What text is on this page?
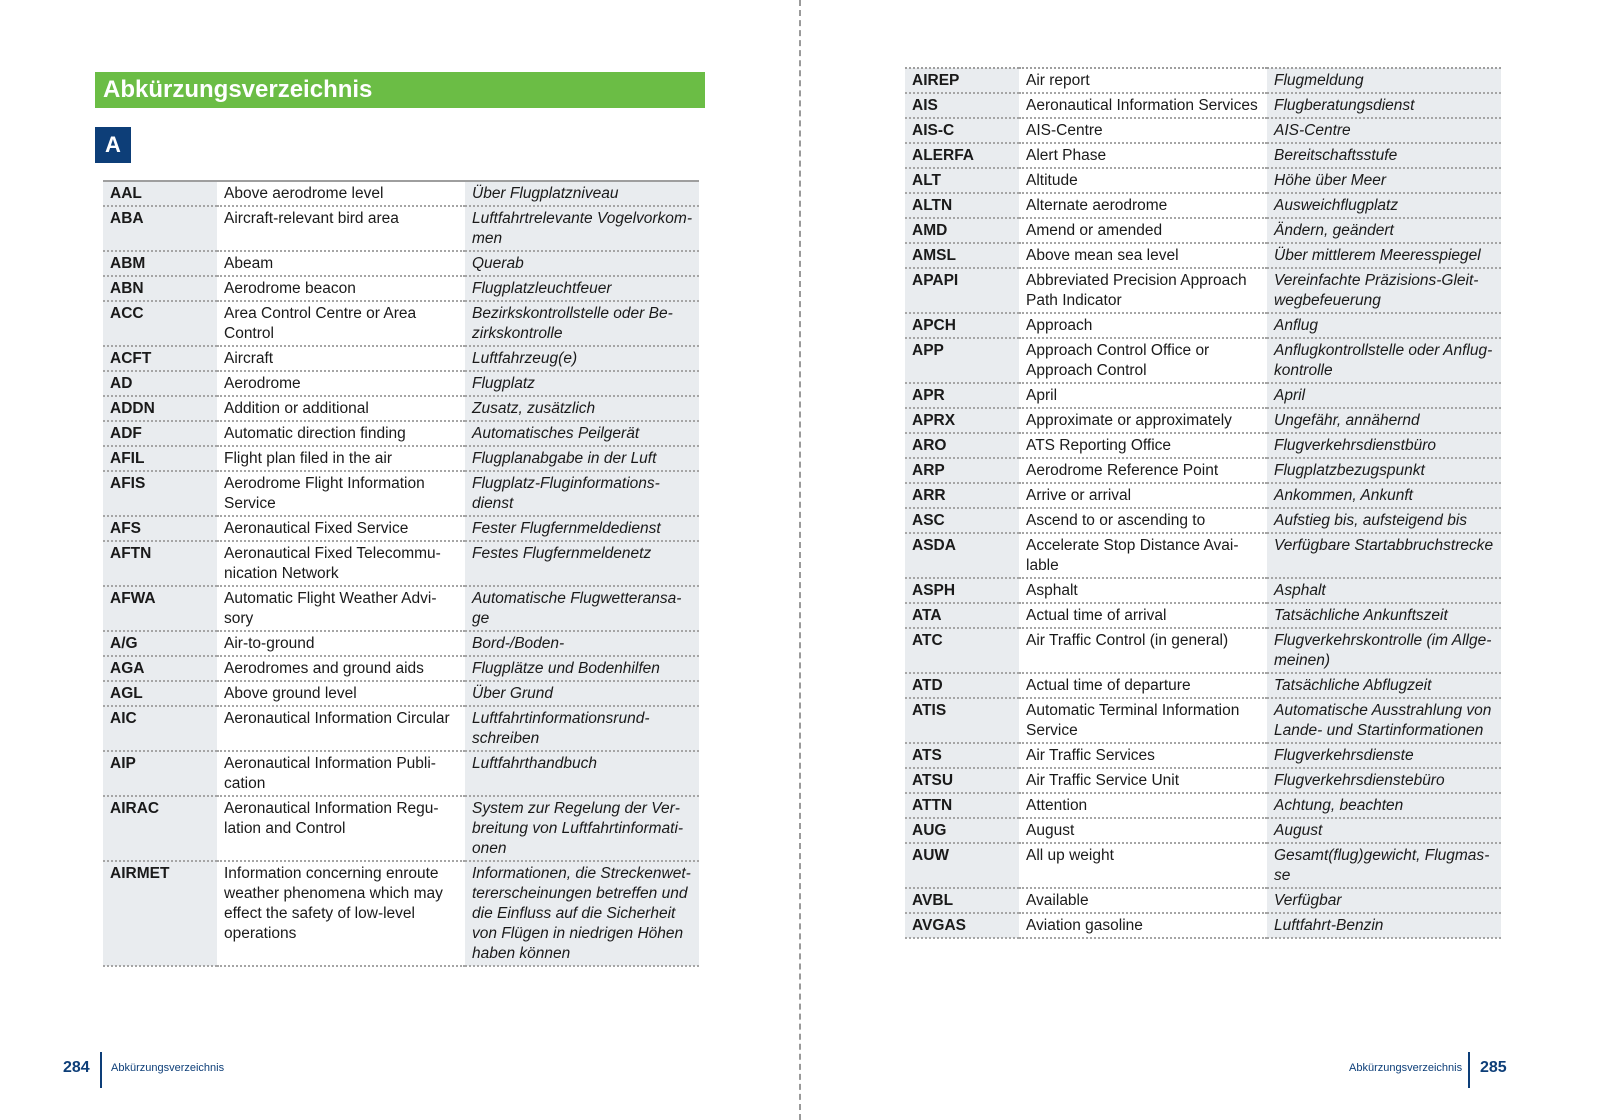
Abkürzungsverzeichnis
A
AAL	Above aerodrome level	Über Flugplatzniveau
ABA	Aircraft-relevant bird area	Luftfahrtrelevante Vogelvorkommen
ABM	Abeam	Querab
ABN	Aerodrome beacon	Flugplatzleuchtfeuer
ACC	Area Control Centre or Area Control	Bezirkskontrollstelle oder Bezirkskontrolle
ACFT	Aircraft	Luftfahrzeug(e)
AD	Aerodrome	Flugplatz
ADDN	Addition or additional	Zusatz, zusätzlich
ADF	Automatic direction finding	Automatisches Peilgerät
AFIL	Flight plan filed in the air	Flugplanabgabe in der Luft
AFIS	Aerodrome Flight Information Service	Flugplatz-Fluginformationsdienst
AFS	Aeronautical Fixed Service	Fester Flugfernmeldedienst
AFTN	Aeronautical Fixed Telecommunication Network	Festes Flugfernmeldenetz
AFWA	Automatic Flight Weather Advisory	Automatische Flugwetteransage
A/G	Air-to-ground	Bord-/Boden-
AGA	Aerodromes and ground aids	Flugplätze und Bodenhilfen
AGL	Above ground level	Über Grund
AIC	Aeronautical Information Circular	Luftfahrtinformationsrundschreiben
AIP	Aeronautical Information Publication	Luftfahrthandbuch
AIRAC	Aeronautical Information Regulation and Control	System zur Regelung der Verbreitung von Luftfahrtinformationen
AIRMET	Information concerning enroute weather phenomena which may effect the safety of low-level operations	Informationen, die Streckenwettererscheinungen betreffen und die Einfluss auf die Sicherheit von Flügen in niedrigen Höhen haben können
284 Abkürzungsverzeichnis
AIREP	Air report	Flugmeldung
AIS	Aeronautical Information Services	Flugberatungsdienst
AIS-C	AIS-Centre	AIS-Centre
ALERFA	Alert Phase	Bereitschaftsstufe
ALT	Altitude	Höhe über Meer
ALTN	Alternate aerodrome	Ausweichflugplatz
AMD	Amend or amended	Ändern, geändert
AMSL	Above mean sea level	Über mittlerem Meeresspiegel
APAPI	Abbreviated Precision Approach Path Indicator	Vereinfachte Präzisions-Gleitwegbefeuerung
APCH	Approach	Anflug
APP	Approach Control Office or Approach Control	Anflugkontrollstelle oder Anflugkontrolle
APR	April	April
APRX	Approximate or approximately	Ungefähr, annähernd
ARO	ATS Reporting Office	Flugverkehrsdienstbüro
ARP	Aerodrome Reference Point	Flugplatzbezugspunkt
ARR	Arrive or arrival	Ankommen, Ankunft
ASC	Ascend to or ascending to	Aufstieg bis, aufsteigend bis
ASDA	Accelerate Stop Distance Available	Verfügbare Startabbruchstrecke
ASPH	Asphalt	Asphalt
ATA	Actual time of arrival	Tatsächliche Ankunftszeit
ATC	Air Traffic Control (in general)	Flugverkehrskontrolle (im Allgemeinen)
ATD	Actual time of departure	Tatsächliche Abflugzeit
ATIS	Automatic Terminal Information Service	Automatische Ausstrahlung von Lande- und Startinformationen
ATS	Air Traffic Services	Flugverkehrsdienste
ATSU	Air Traffic Service Unit	Flugverkehrsdienstebüro
ATTN	Attention	Achtung, beachten
AUG	August	August
AUW	All up weight	Gesamt(flug)gewicht, Flugmasse
AVBL	Available	Verfügbar
AVGAS	Aviation gasoline	Luftfahrt-Benzin
Abkürzungsverzeichnis 285
